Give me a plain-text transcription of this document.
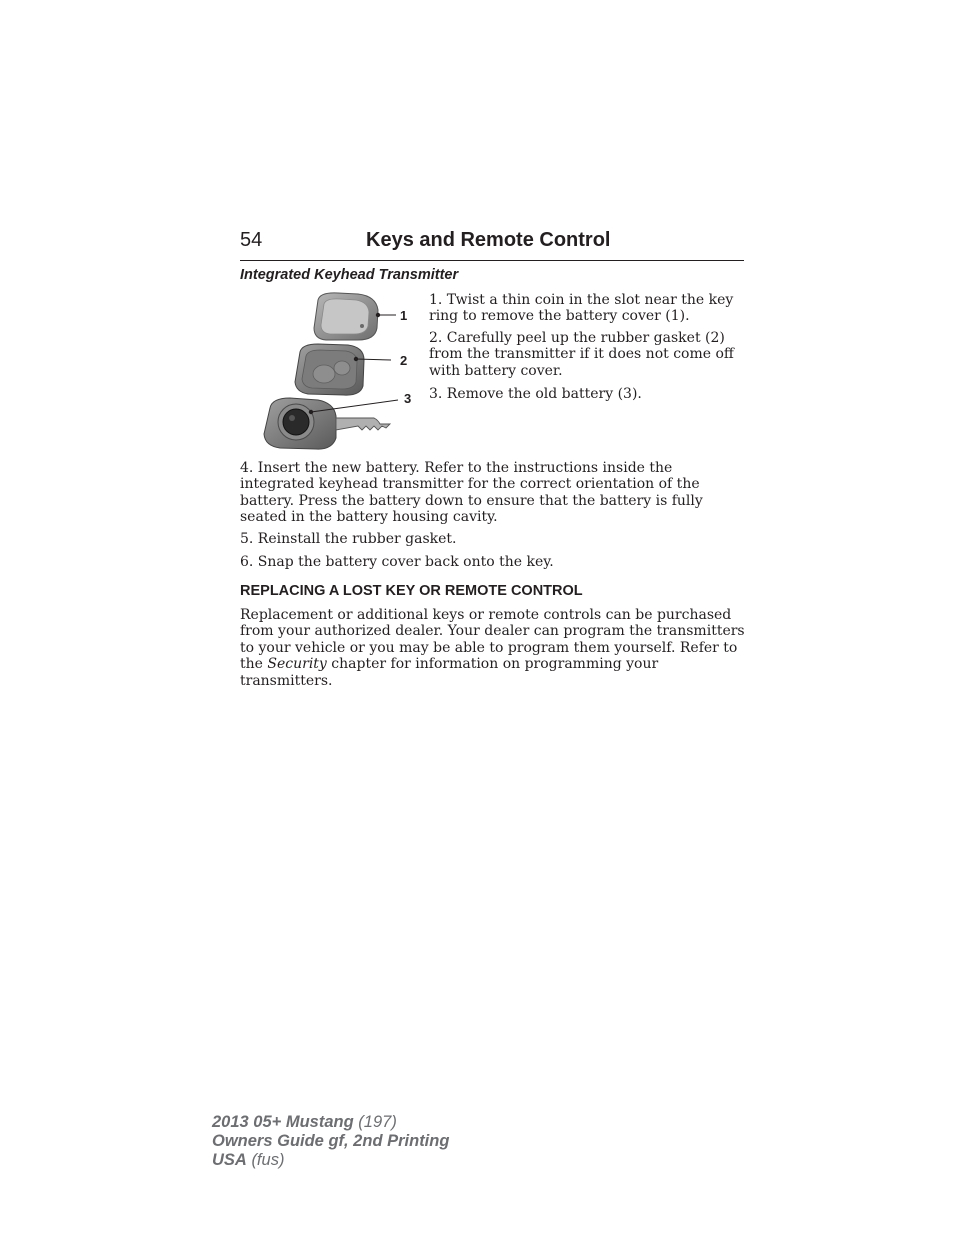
54	Keys and Remote Control
Integrated Keyhead Transmitter
1
2
3

1. Twist a thin coin in the slot near the key ring to remove the battery cover (1).

2. Carefully peel up the rubber gasket (2) from the transmitter if it does not come off with battery cover.

3. Remove the old battery (3).

4. Insert the new battery. Refer to the instructions inside the integrated keyhead transmitter for the correct orientation of the battery. Press the battery down to ensure that the battery is fully seated in the battery housing cavity.

5. Reinstall the rubber gasket.

6. Snap the battery cover back onto the key.

REPLACING A LOST KEY OR REMOTE CONTROL

Replacement or additional keys or remote controls can be purchased from your authorized dealer. Your dealer can program the transmitters to your vehicle or you may be able to program them yourself. Refer to the Security chapter for information on programming your transmitters.

2013 05+ Mustang (197)
Owners Guide gf, 2nd Printing
USA (fus)
